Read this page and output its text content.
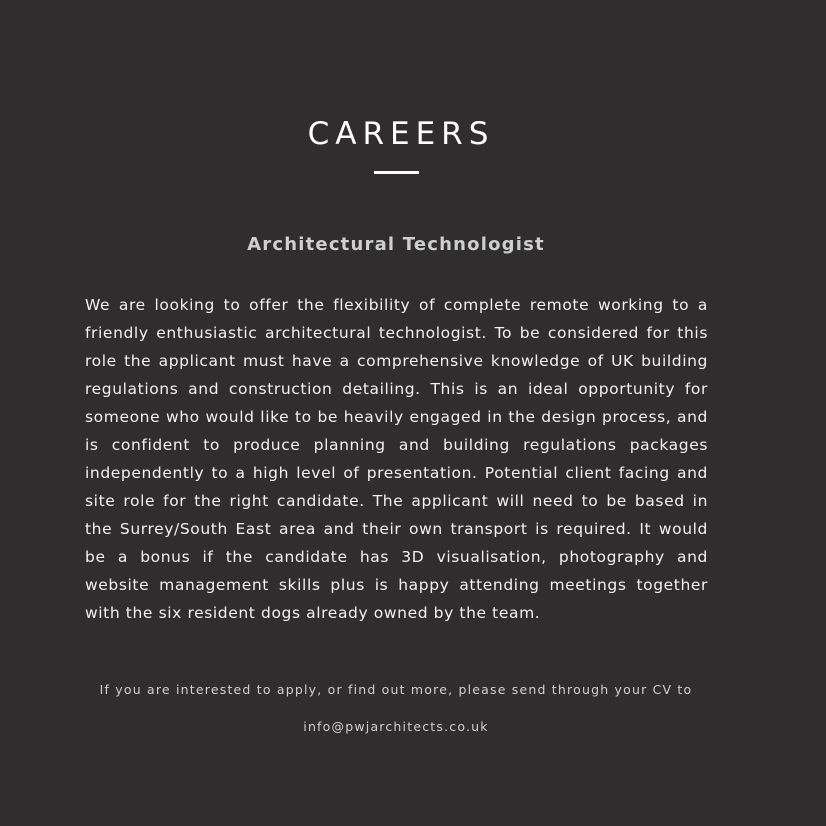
CAREERS
Architectural Technologist

We are looking to offer the flexibility of complete remote working to a friendly enthusiastic architectural technologist. To be considered for this role the applicant must have a comprehensive knowledge of UK building regulations and construction detailing. This is an ideal opportunity for someone who would like to be heavily engaged in the design process, and is confident to produce planning and building regulations packages independently to a high level of presentation. Potential client facing and site role for the right candidate. The applicant will need to be based in the Surrey/South East area and their own transport is required. It would be a bonus if the candidate has 3D visualisation, photography and website management skills plus is happy attending meetings together with the six resident dogs already owned by the team.

If you are interested to apply, or find out more, please send through your CV to

info@pwjarchitects.co.uk
